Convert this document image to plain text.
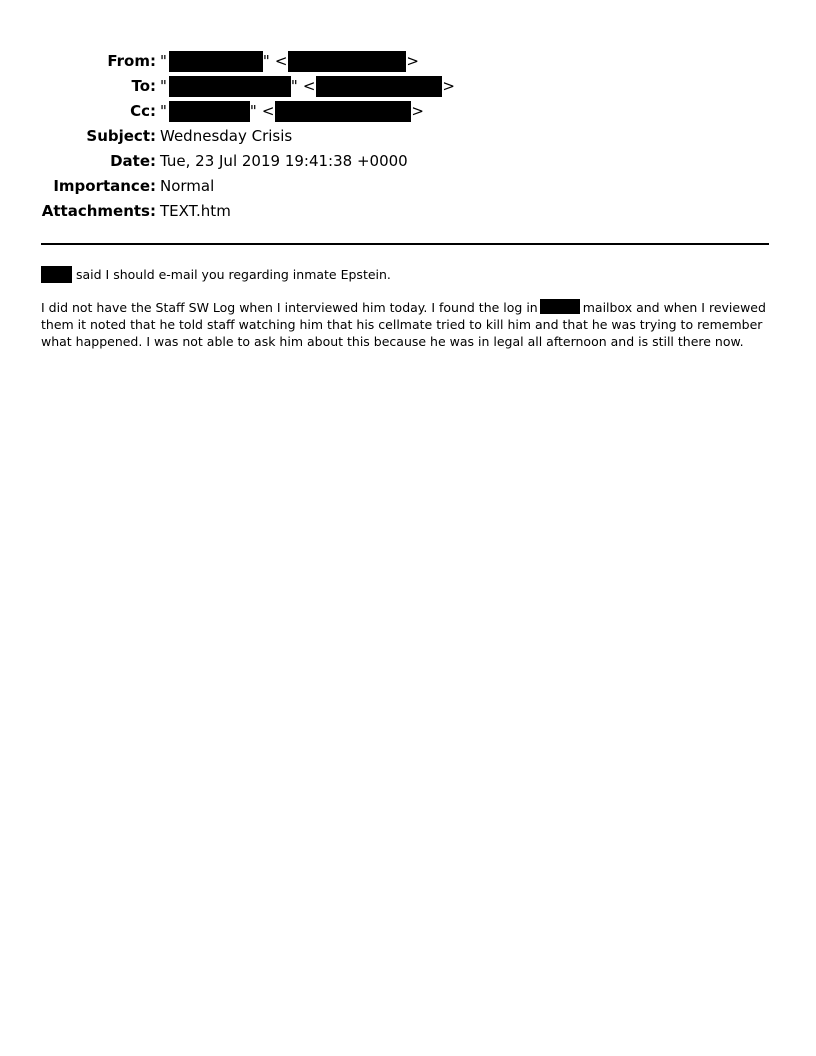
From: "	" <	>
To: "	" <	>
Cc: "	" <	>
Subject: Wednesday Crisis
Date: Tue, 23 Jul 2019 19:41:38 +0000
Importance: Normal
Attachments: TEXT.htm
said I should e-mail you regarding inmate Epstein.

I did not have the Staff SW Log when I interviewed him today. I found the log in	mailbox and when I reviewed them it noted that he told staff watching him that his cellmate tried to kill him and that he was trying to remember what happened. I was not able to ask him about this because he was in legal all afternoon and is still there now.
